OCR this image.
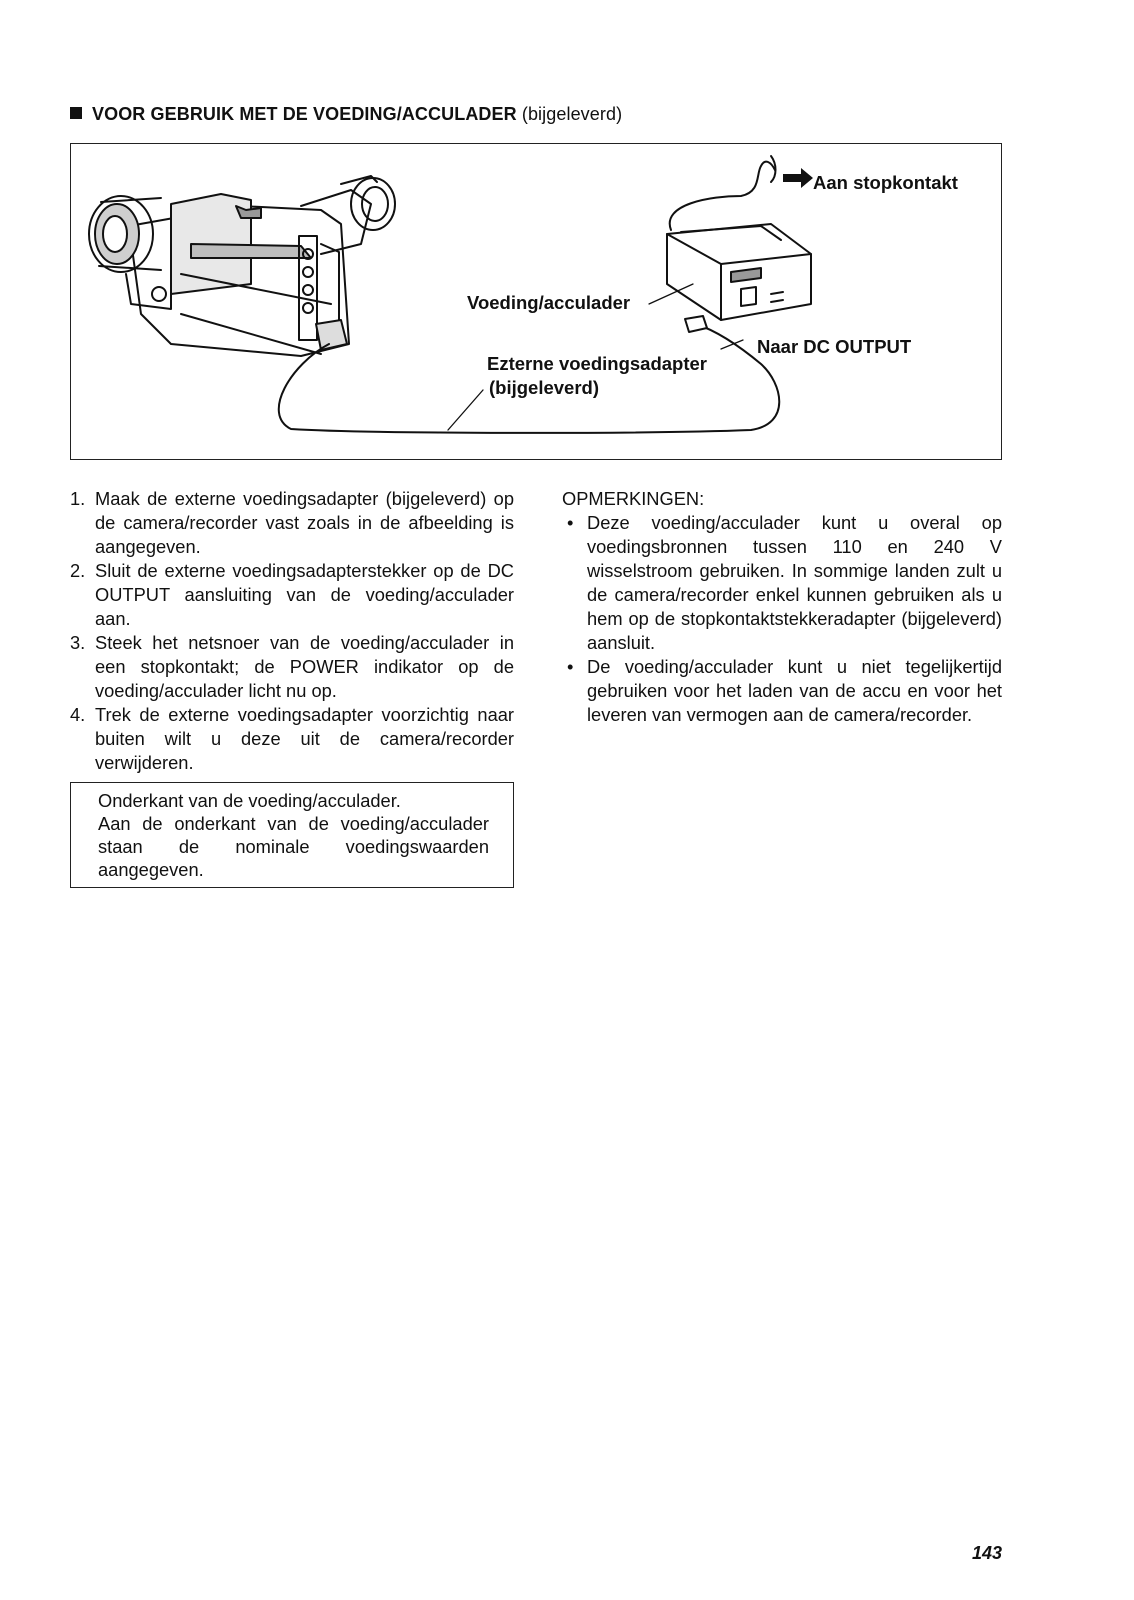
VOOR GEBRUIK MET DE VOEDING/ACCULADER (bijgeleverd)
Aan stopkontakt
Voeding/acculader
Naar DC OUTPUT
Ezterne voedingsadapter
(bijgeleverd)
1. Maak de externe voedingsadapter (bijgeleverd) op de camera/recorder vast zoals in de afbeelding is aangegeven.
2. Sluit de externe voedingsadapterstekker op de DC OUTPUT aansluiting van de voeding/acculader aan.
3. Steek het netsnoer van de voeding/acculader in een stopkontakt; de POWER indikator op de voeding/acculader licht nu op.
4. Trek de externe voedingsadapter voorzichtig naar buiten wilt u deze uit de camera/recorder verwijderen.
Onderkant van de voeding/acculader.
Aan de onderkant van de voeding/acculader staan de nominale voedingswaarden aangegeven.
OPMERKINGEN:
• Deze voeding/acculader kunt u overal op voedingsbronnen tussen 110 en 240 V wisselstroom gebruiken. In sommige landen zult u de camera/recorder enkel kunnen gebruiken als u hem op de stopkontaktstekkeradapter (bijgeleverd) aansluit.
• De voeding/acculader kunt u niet tegelijkertijd gebruiken voor het laden van de accu en voor het leveren van vermogen aan de camera/recorder.
143
